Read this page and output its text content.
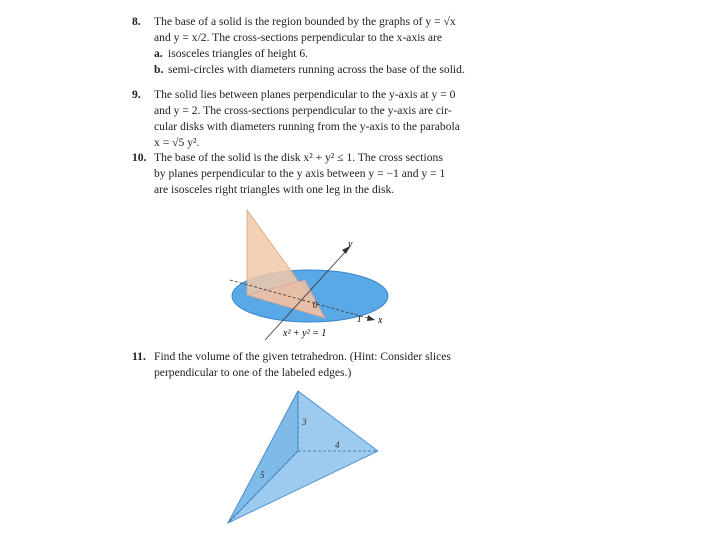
8. The base of a solid is the region bounded by the graphs of y = √x
and y = x/2. The cross-sections perpendicular to the x-axis are
a. isosceles triangles of height 6.
b. semi-circles with diameters running across the base of the solid.
9. The solid lies between planes perpendicular to the y-axis at y = 0
and y = 2. The cross-sections perpendicular to the y-axis are cir-
cular disks with diameters running from the y-axis to the parabola
x = √5 y².
10. The base of the solid is the disk x² + y² ≤ 1. The cross sections
by planes perpendicular to the y axis between y = −1 and y = 1
are isosceles right triangles with one leg in the disk.
y
x
0
1
x² + y² = 1
11. Find the volume of the given tetrahedron. (Hint: Consider slices
perpendicular to one of the labeled edges.)
3
4
5
